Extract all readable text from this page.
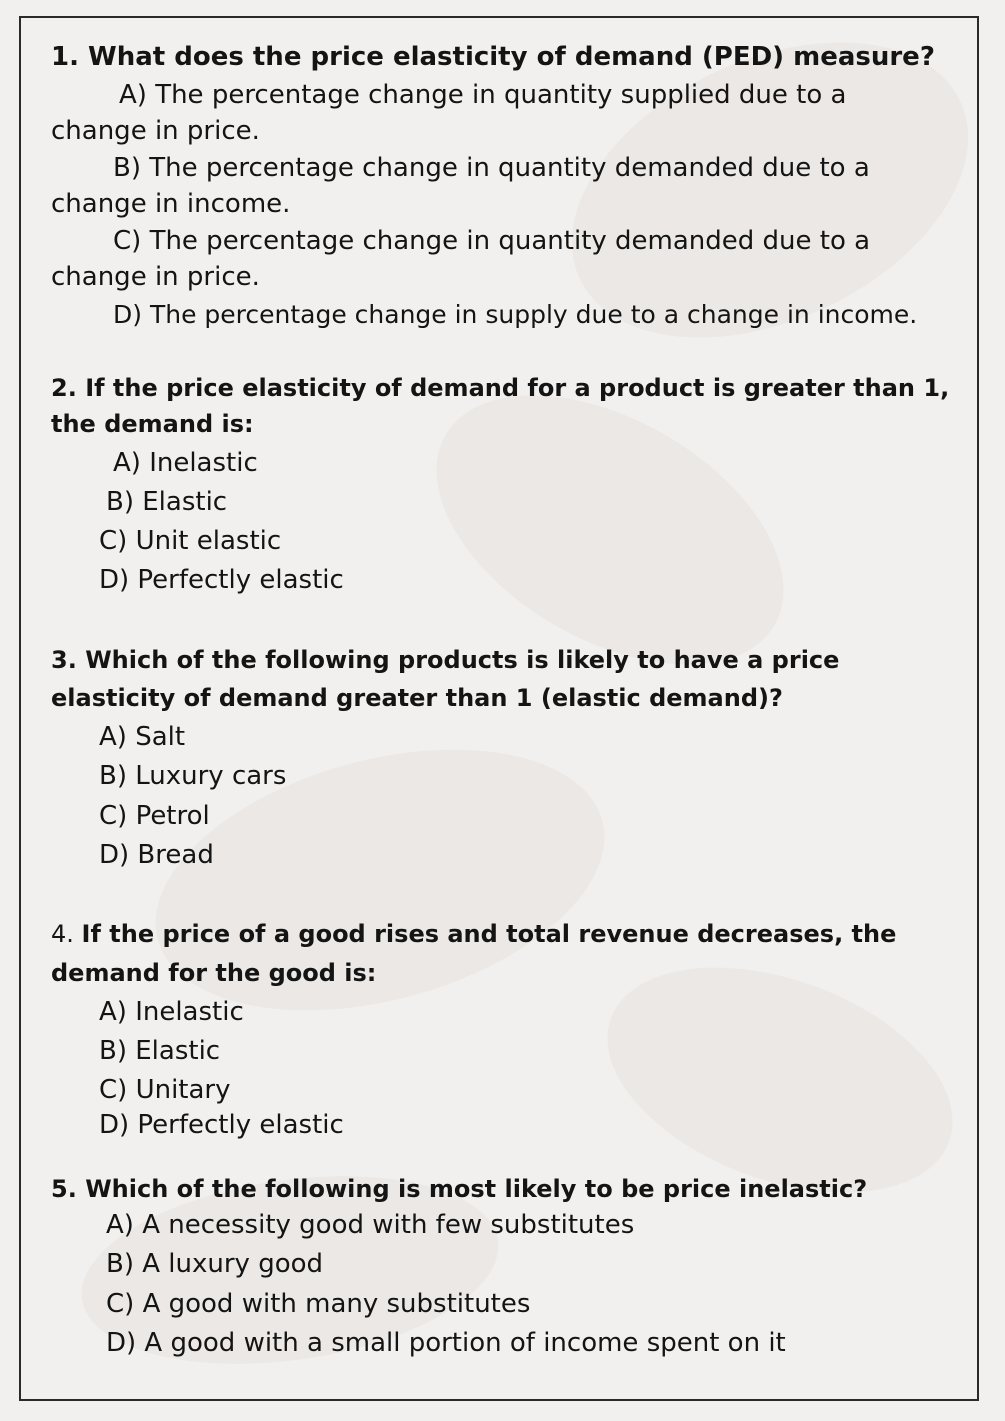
1. What does the price elasticity of demand (PED) measure?
A) The percentage change in quantity supplied due to a
change in price.
B) The percentage change in quantity demanded due to a
change in income.
C) The percentage change in quantity demanded due to a
change in price.
D) The percentage change in supply due to a change in income.
2. If the price elasticity of demand for a product is greater than 1,
the demand is:
A) Inelastic
B) Elastic
C) Unit elastic
D) Perfectly elastic
3. Which of the following products is likely to have a price
elasticity of demand greater than 1 (elastic demand)?
A) Salt
B) Luxury cars
C) Petrol
D) Bread
4. If the price of a good rises and total revenue decreases, the
demand for the good is:
A) Inelastic
B) Elastic
C) Unitary
D) Perfectly elastic
5. Which of the following is most likely to be price inelastic?
A) A necessity good with few substitutes
B) A luxury good
C) A good with many substitutes
D) A good with a small portion of income spent on it
